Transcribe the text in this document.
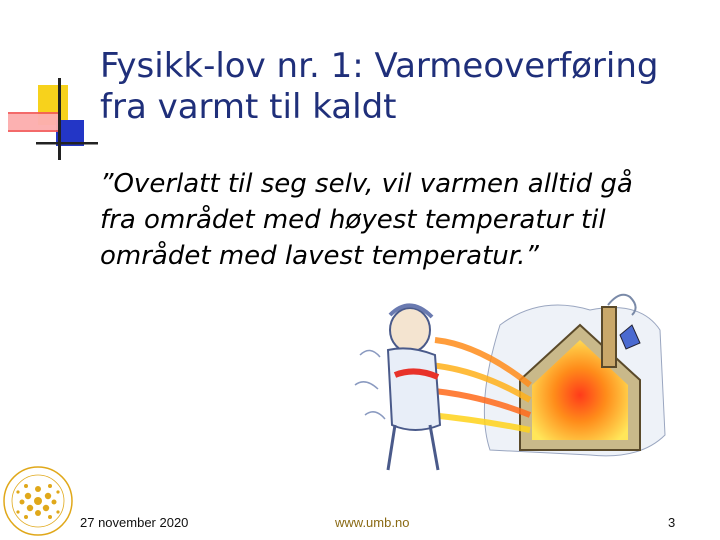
Fysikk-lov nr. 1: Varmeoverføring
fra varmt til kaldt
”Overlatt til seg selv, vil varmen alltid gå
fra området med høyest temperatur til
området med lavest temperatur.”
27 november 2020	www.umb.no	3
